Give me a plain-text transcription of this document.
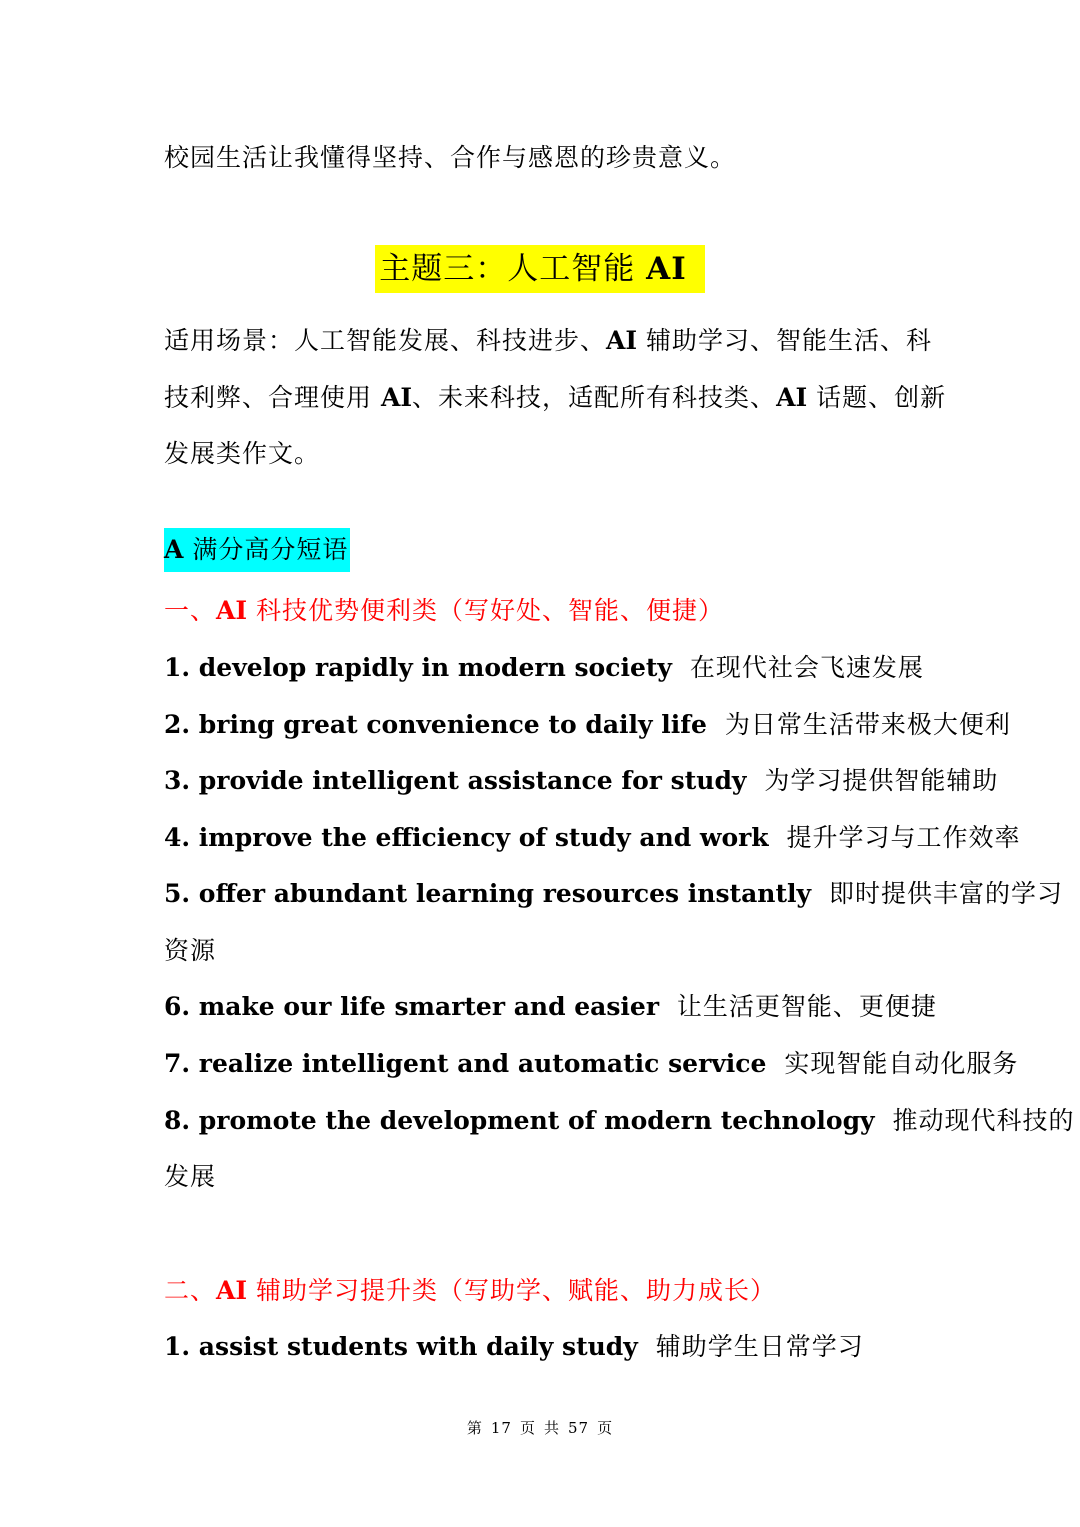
校园生活让我懂得坚持、合作与感恩的珍贵意义。
主题三：人工智能 AI
适用场景：人工智能发展、科技进步、AI 辅助学习、智能生活、科
技利弊、合理使用 AI、未来科技，适配所有科技类、AI 话题、创新
发展类作文。
A 满分高分短语
一、AI 科技优势便利类（写好处、智能、便捷）
1. develop rapidly in modern society 在现代社会飞速发展
2. bring great convenience to daily life 为日常生活带来极大便利
3. provide intelligent assistance for study 为学习提供智能辅助
4. improve the efficiency of study and work 提升学习与工作效率
5. offer abundant learning resources instantly 即时提供丰富的学习
资源
6. make our life smarter and easier 让生活更智能、更便捷
7. realize intelligent and automatic service 实现智能自动化服务
8. promote the development of modern technology 推动现代科技的
发展
二、AI 辅助学习提升类（写助学、赋能、助力成长）
1. assist students with daily study 辅助学生日常学习
第 17 页 共 57 页
